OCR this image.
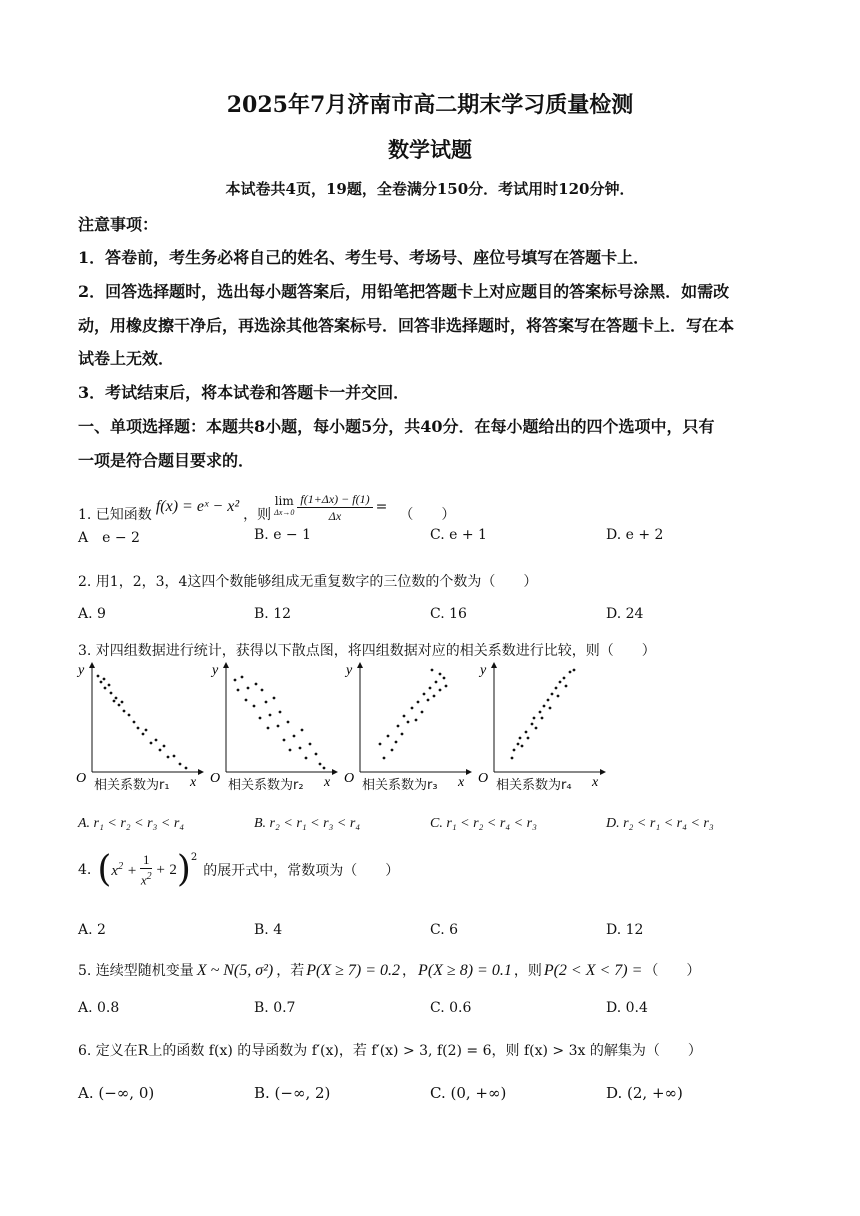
2025年7月济南市高二期末学习质量检测
数学试题
本试卷共4页，19题，全卷满分150分．考试用时120分钟．
注意事项：
1．答卷前，考生务必将自己的姓名、考生号、考场号、座位号填写在答题卡上．
2．回答选择题时，选出每小题答案后，用铅笔把答题卡上对应题目的答案标号涂黑．如需改
动，用橡皮擦干净后，再选涂其他答案标号．回答非选择题时，将答案写在答题卡上．写在本
试卷上无效．
3．考试结束后，将本试卷和答题卡一并交回．
一、单项选择题：本题共8小题，每小题5分，共40分．在每小题给出的四个选项中，只有
一项是符合题目要求的．
1. 已知函数 f(x) = eˣ − x² ，则
lim
$\Delta x\to 0 \frac{f(1+\Delta x) - f(1)}{\Delta x}$ = （　　）
A　e − 2	B. e − 1	C. e + 1	D. e + 2
2. 用1，2，3，4这四个数能够组成无重复数字的三位数的个数为（　　）
A. 9	B. 12	C. 16	D. 24
3. 对四组数据进行统计，获得以下散点图，将四组数据对应的相关系数进行比较，则（　　）
y
O	x
相关系数为r₁
y
O	x
相关系数为r₂
y
O	x
相关系数为r₃
y
O	x
相关系数为r₄
A. r₁ < r₂ < r₃ < r₄	B. r₂ < r₁ < r₃ < r₄	C. r₁ < r₂ < r₄ < r₃	D. r₂ < r₁ < r₄ < r₃
4. ( $x^2 + \frac{1}{x^2} + 2$ ) 2
的展开式中，常数项为（　　）
A. 2	B. 4	C. 6	D. 12
5. 连续型随机变量 X ~ N(5, σ²) ，若 P(X ≥ 7) = 0.2 ， P(X ≥ 8) = 0.1 ，则 P(2 < X < 7) = （　　）
A. 0.8	B. 0.7	C. 0.6	D. 0.4
6. 定义在R上的函数 f(x) 的导函数为 f′(x)，若 f′(x) > 3, f(2) = 6，则 f(x) > 3x 的解集为（　　）
A. (−∞, 0)	B. (−∞, 2)	C. (0, +∞)	D. (2, +∞)
